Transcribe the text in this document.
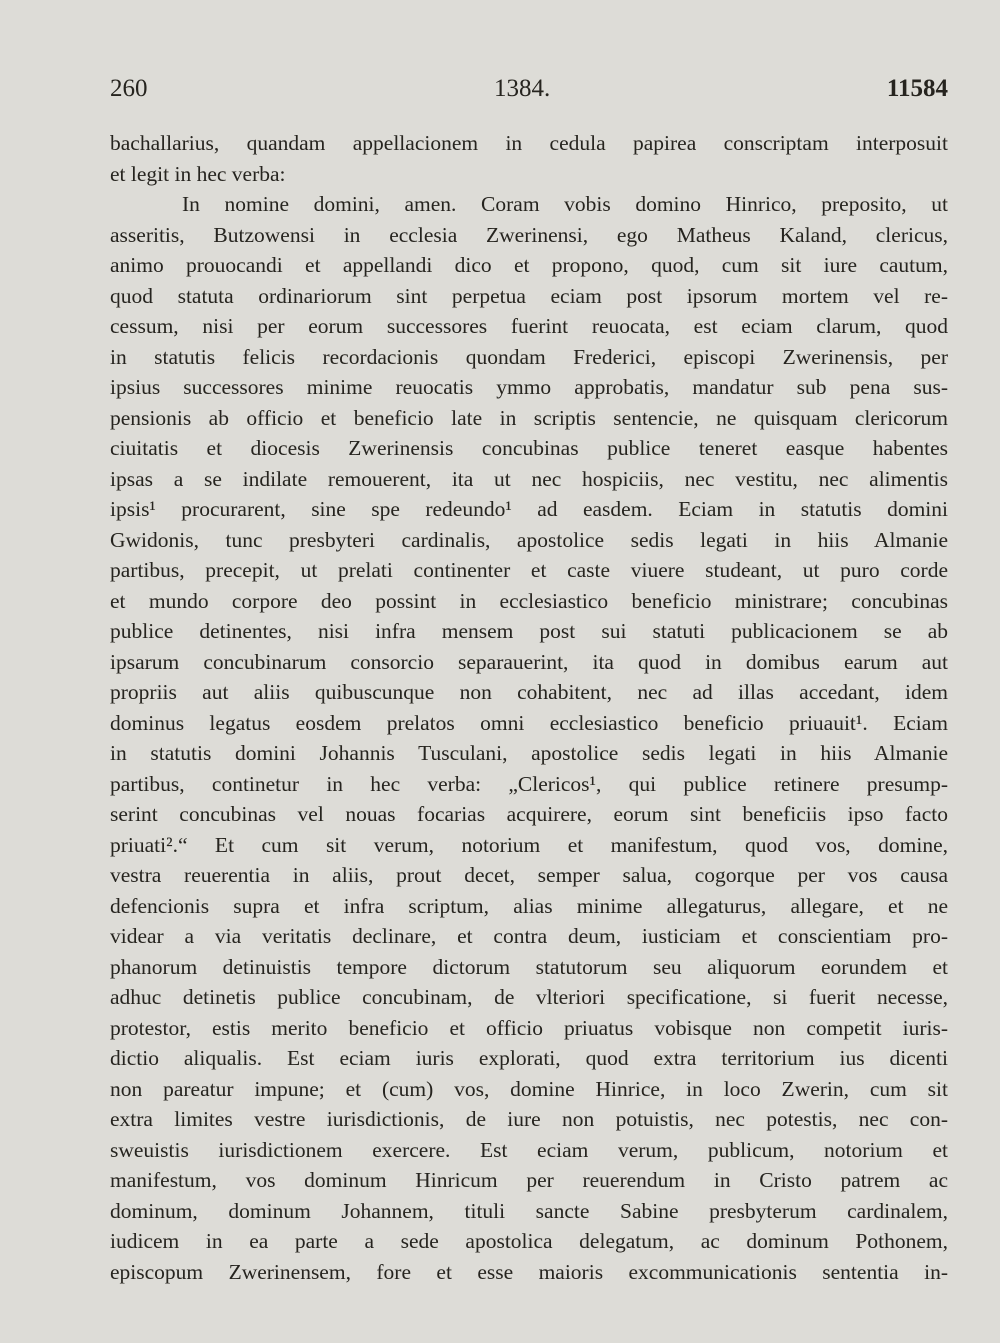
260	1384.	11584
bachallarius, quandam appellacionem in cedula papirea conscriptam interposuit
et legit in hec verba:
In nomine domini, amen. Coram vobis domino Hinrico, preposito, ut
asseritis, Butzowensi in ecclesia Zwerinensi, ego Matheus Kaland, clericus,
animo prouocandi et appellandi dico et propono, quod, cum sit iure cautum,
quod statuta ordinariorum sint perpetua eciam post ipsorum mortem vel re-
cessum, nisi per eorum successores fuerint reuocata, est eciam clarum, quod
in statutis felicis recordacionis quondam Frederici, episcopi Zwerinensis, per
ipsius successores minime reuocatis ymmo approbatis, mandatur sub pena sus-
pensionis ab officio et beneficio late in scriptis sentencie, ne quisquam clericorum
ciuitatis et diocesis Zwerinensis concubinas publice teneret easque habentes
ipsas a se indilate remouerent, ita ut nec hospiciis, nec vestitu, nec alimentis
ipsis¹ procurarent, sine spe redeundo¹ ad easdem. Eciam in statutis domini
Gwidonis, tunc presbyteri cardinalis, apostolice sedis legati in hiis Almanie
partibus, precepit, ut prelati continenter et caste viuere studeant, ut puro corde
et mundo corpore deo possint in ecclesiastico beneficio ministrare; concubinas
publice detinentes, nisi infra mensem post sui statuti publicacionem se ab
ipsarum concubinarum consorcio separauerint, ita quod in domibus earum aut
propriis aut aliis quibuscunque non cohabitent, nec ad illas accedant, idem
dominus legatus eosdem prelatos omni ecclesiastico beneficio priuauit¹. Eciam
in statutis domini Johannis Tusculani, apostolice sedis legati in hiis Almanie
partibus, continetur in hec verba: „Clericos¹, qui publice retinere presump-
serint concubinas vel nouas focarias acquirere, eorum sint beneficiis ipso facto
priuati².“ Et cum sit verum, notorium et manifestum, quod vos, domine,
vestra reuerentia in aliis, prout decet, semper salua, cogorque per vos causa
defencionis supra et infra scriptum, alias minime allegaturus, allegare, et ne
videar a via veritatis declinare, et contra deum, iusticiam et conscientiam pro-
phanorum detinuistis tempore dictorum statutorum seu aliquorum eorundem et
adhuc detinetis publice concubinam, de vlteriori specificatione, si fuerit necesse,
protestor, estis merito beneficio et officio priuatus vobisque non competit iuris-
dictio aliqualis. Est eciam iuris explorati, quod extra territorium ius dicenti
non pareatur impune; et (cum) vos, domine Hinrice, in loco Zwerin, cum sit
extra limites vestre iurisdictionis, de iure non potuistis, nec potestis, nec con-
sweuistis iurisdictionem exercere. Est eciam verum, publicum, notorium et
manifestum, vos dominum Hinricum per reuerendum in Cristo patrem ac
dominum, dominum Johannem, tituli sancte Sabine presbyterum cardinalem,
iudicem in ea parte a sede apostolica delegatum, ac dominum Pothonem,
episcopum Zwerinensem, fore et esse maioris excommunicationis sententia in-
